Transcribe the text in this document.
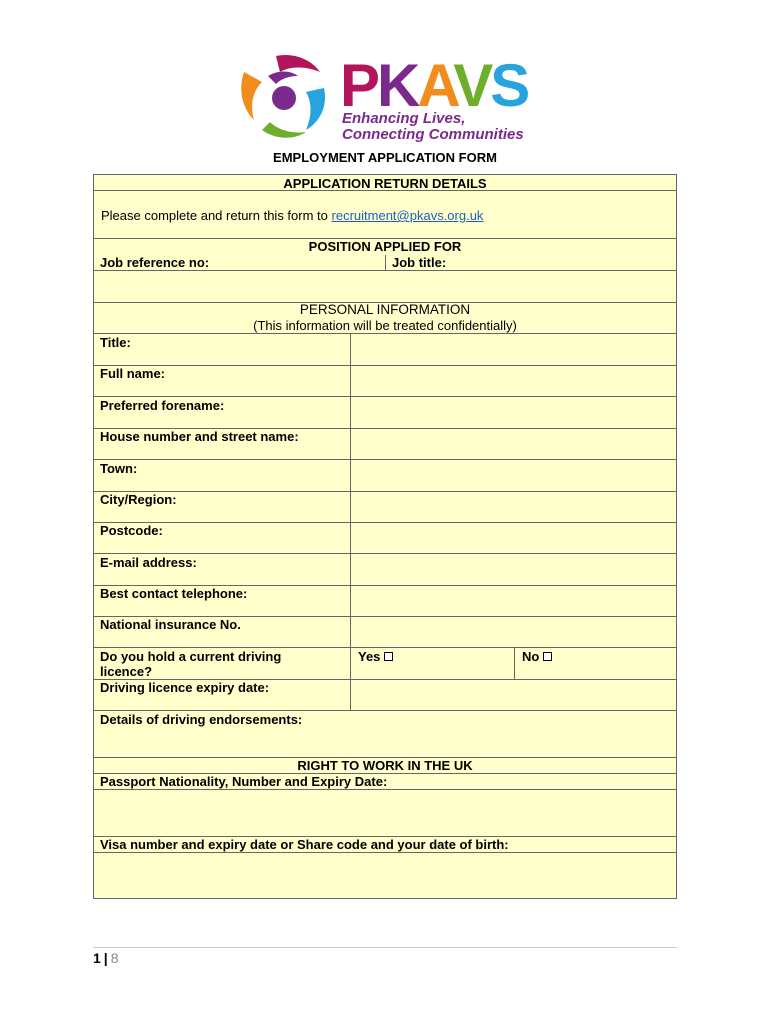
PKAVS
Enhancing Lives,
Connecting Communities
EMPLOYMENT APPLICATION FORM
APPLICATION RETURN DETAILS
Please complete and return this form to recruitment@pkavs.org.uk
POSITION APPLIED FOR
Job reference no:	Job title:
PERSONAL INFORMATION
(This information will be treated confidentially)
Title:
Full name:
Preferred forename:
House number and street name:
Town:
City/Region:
Postcode:
E-mail address:
Best contact telephone:
National insurance No.
Do you hold a current driving
licence?
Yes	No
Driving licence expiry date:
Details of driving endorsements:
RIGHT TO WORK IN THE UK
Passport Nationality, Number and Expiry Date:
Visa number and expiry date or Share code and your date of birth:
1 | 8
